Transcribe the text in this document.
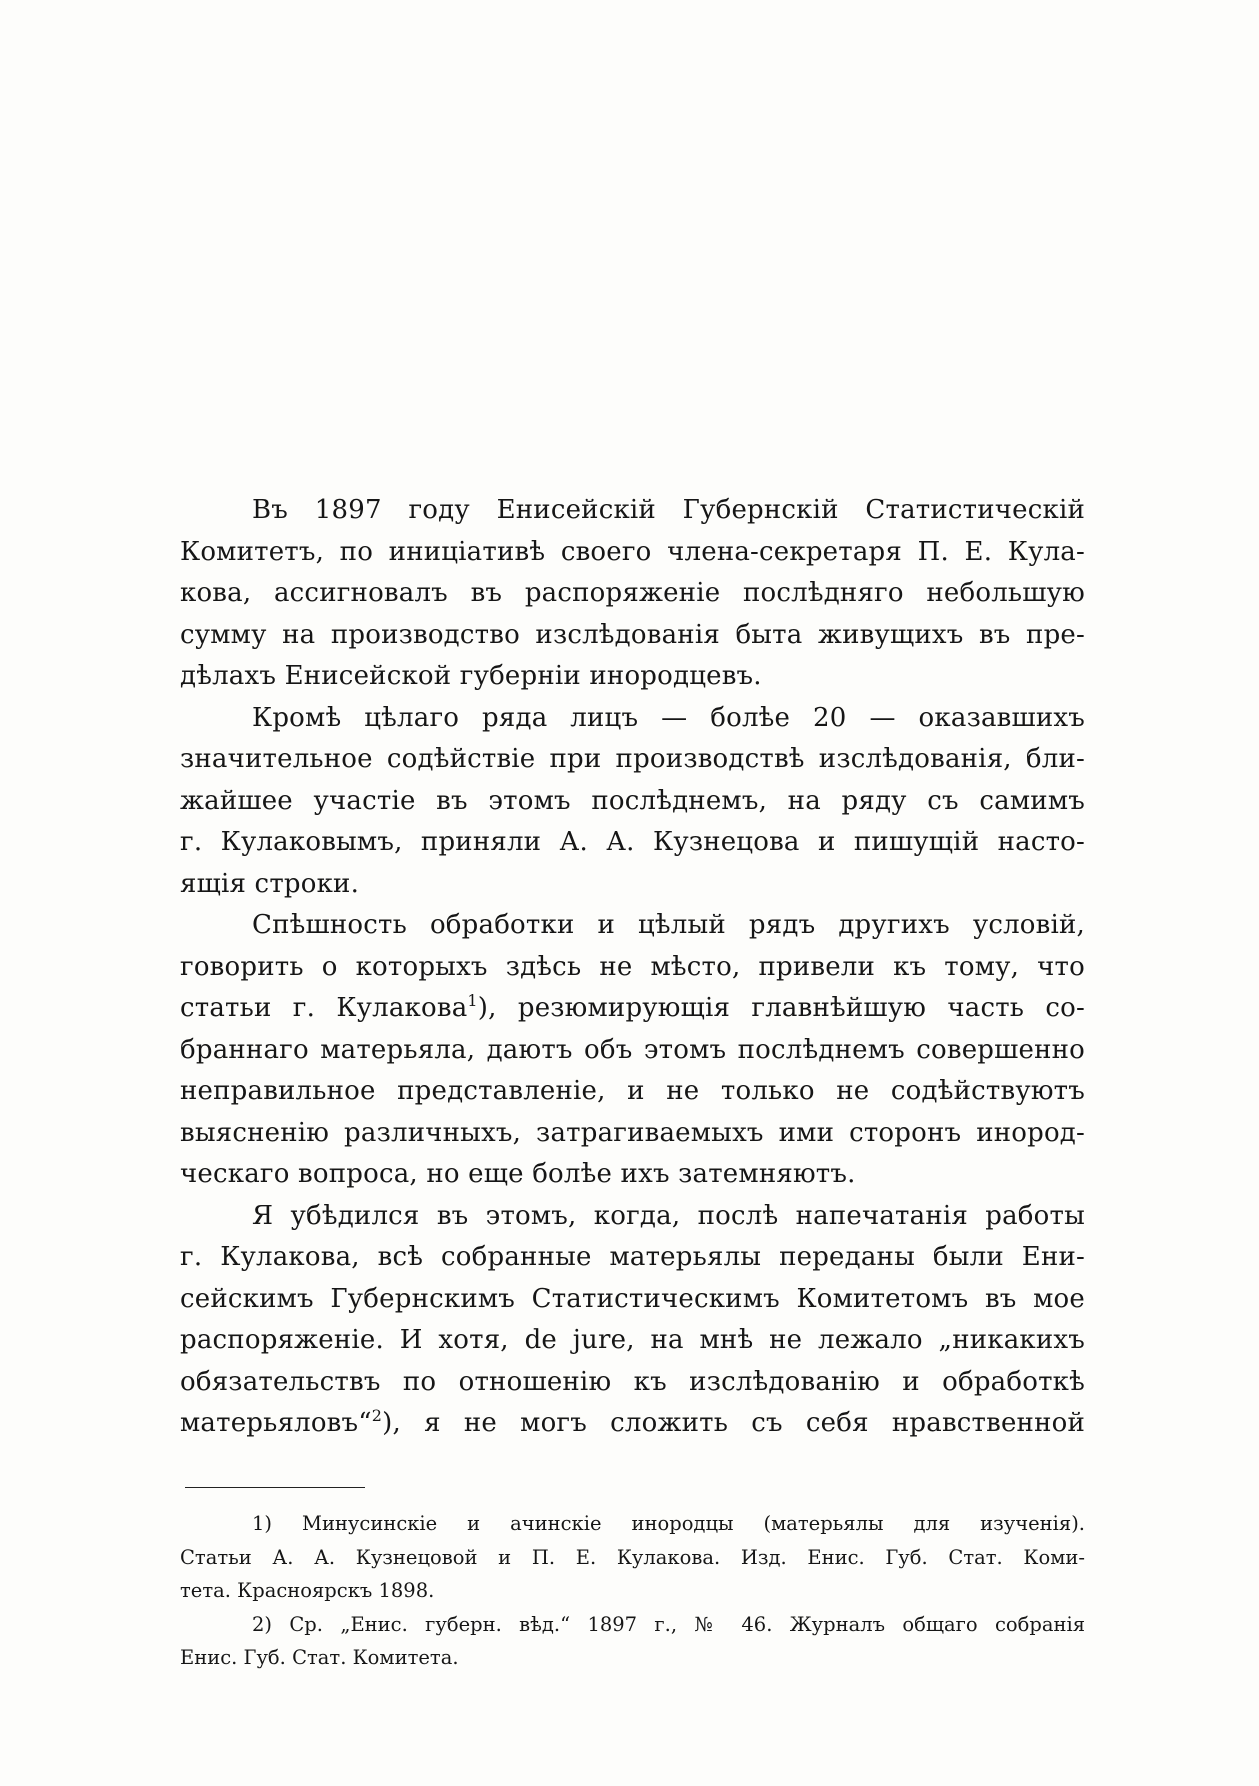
Въ 1897 году Енисейскій Губернскій Статистическій
Комитетъ, по иниціативѣ своего члена-секретаря П. Е. Кула-
кова, ассигновалъ въ распоряженіе послѣдняго небольшую
сумму на производство изслѣдованія быта живущихъ въ пре-
дѣлахъ Енисейской губерніи инородцевъ.
Кромѣ цѣлаго ряда лицъ — болѣе 20 — оказавшихъ
значительное содѣйствіе при производствѣ изслѣдованія, бли-
жайшее участіе въ этомъ послѣднемъ, на ряду съ самимъ
г. Кулаковымъ, приняли А. А. Кузнецова и пишущій насто-
ящія строки.
Спѣшность обработки и цѣлый рядъ другихъ условій,
говорить о которыхъ здѣсь не мѣсто, привели къ тому, что
статьи г. Кулакова$^1$), резюмирующія главнѣйшую часть со-
браннаго матерьяла, даютъ объ этомъ послѣднемъ совершенно
неправильное представленіе, и не только не содѣйствуютъ
выясненію различныхъ, затрагиваемыхъ ими сторонъ инород-
ческаго вопроса, но еще болѣе ихъ затемняютъ.
Я убѣдился въ этомъ, когда, послѣ напечатанія работы
г. Кулакова, всѣ собранные матерьялы переданы были Ени-
сейскимъ Губернскимъ Статистическимъ Комитетомъ въ мое
распоряженіе. И хотя, de jure, на мнѣ не лежало „никакихъ
обязательствъ по отношенію къ изслѣдованію и обработкѣ
матерьяловъ“$^2$), я не могъ сложить съ себя нравственной
1) Минусинскіе и ачинскіе инородцы (матерьялы для изученія).
Статьи А. А. Кузнецовой и П. Е. Кулакова. Изд. Енис. Губ. Стат. Коми-
тета. Красноярскъ 1898.
2) Ср. „Енис. губерн. вѣд.“ 1897 г., № 46. Журналъ общаго собранія
Енис. Губ. Стат. Комитета.
